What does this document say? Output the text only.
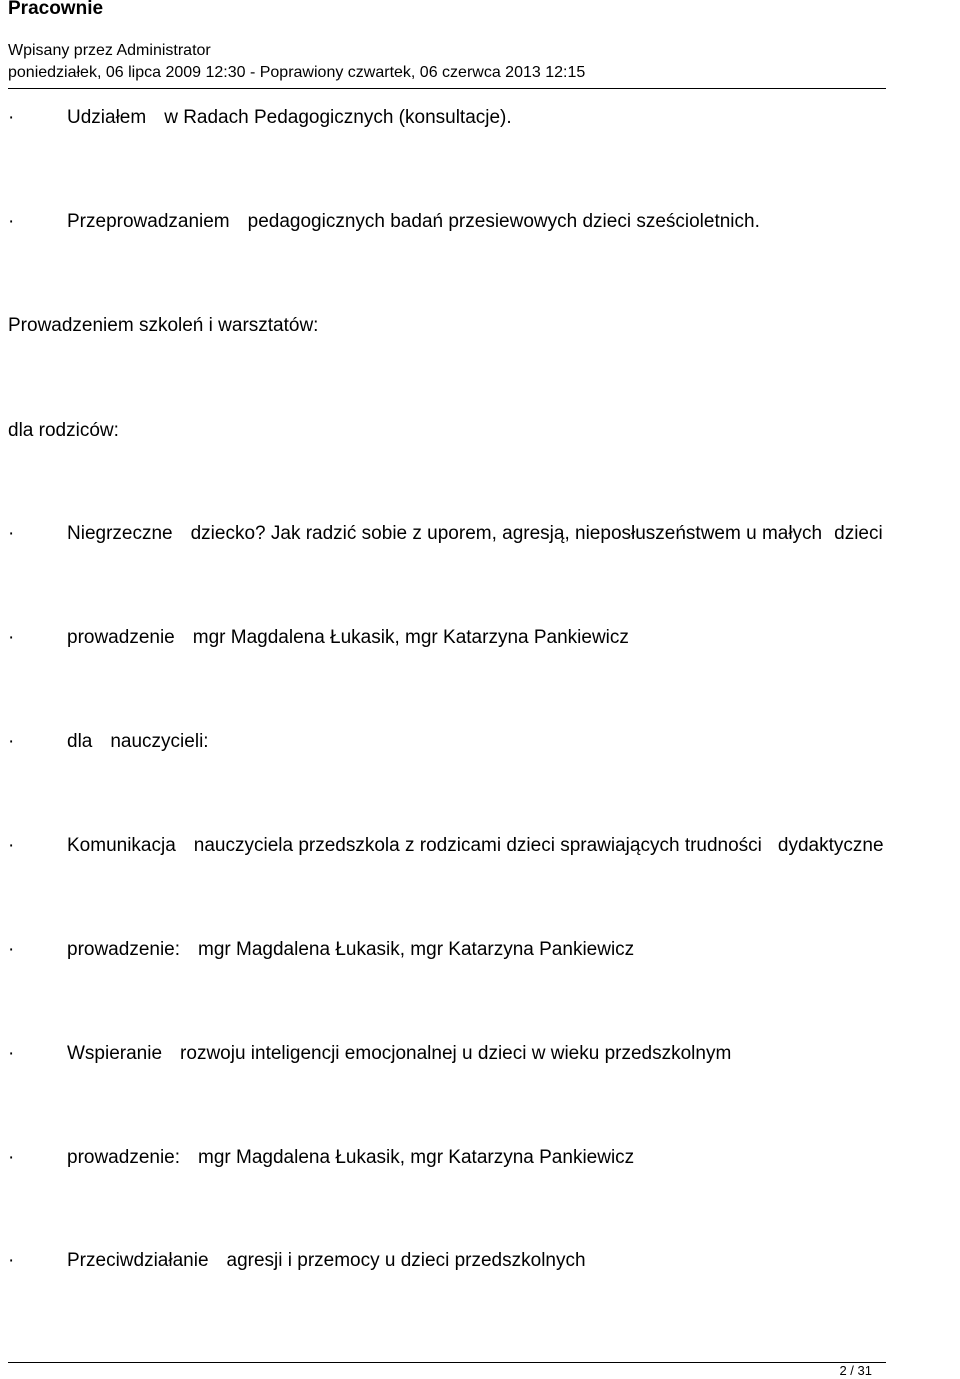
Pracownie
Wpisany przez Administrator
poniedziałek, 06 lipca 2009 12:30 - Poprawiony czwartek, 06 czerwca 2013 12:15
·	Udziałem w Radach Pedagogicznych (konsultacje).
·	Przeprowadzaniem pedagogicznych badań przesiewowych dzieci sześcioletnich.
Prowadzeniem szkoleń i warsztatów:
dla rodziców:
·	Niegrzeczne dziecko? Jak radzić sobie z uporem, agresją, nieposłuszeństwem u małych dzieci
·	prowadzenie mgr Magdalena Łukasik, mgr Katarzyna Pankiewicz
·	dla nauczycieli:
·	Komunikacja nauczyciela przedszkola z rodzicami dzieci sprawiających trudności dydaktyczne
·	prowadzenie: mgr Magdalena Łukasik, mgr Katarzyna Pankiewicz
·	Wspieranie rozwoju inteligencji emocjonalnej u dzieci w wieku przedszkolnym
·	prowadzenie: mgr Magdalena Łukasik, mgr Katarzyna Pankiewicz
·	Przeciwdziałanie agresji i przemocy u dzieci przedszkolnych
2 / 31
